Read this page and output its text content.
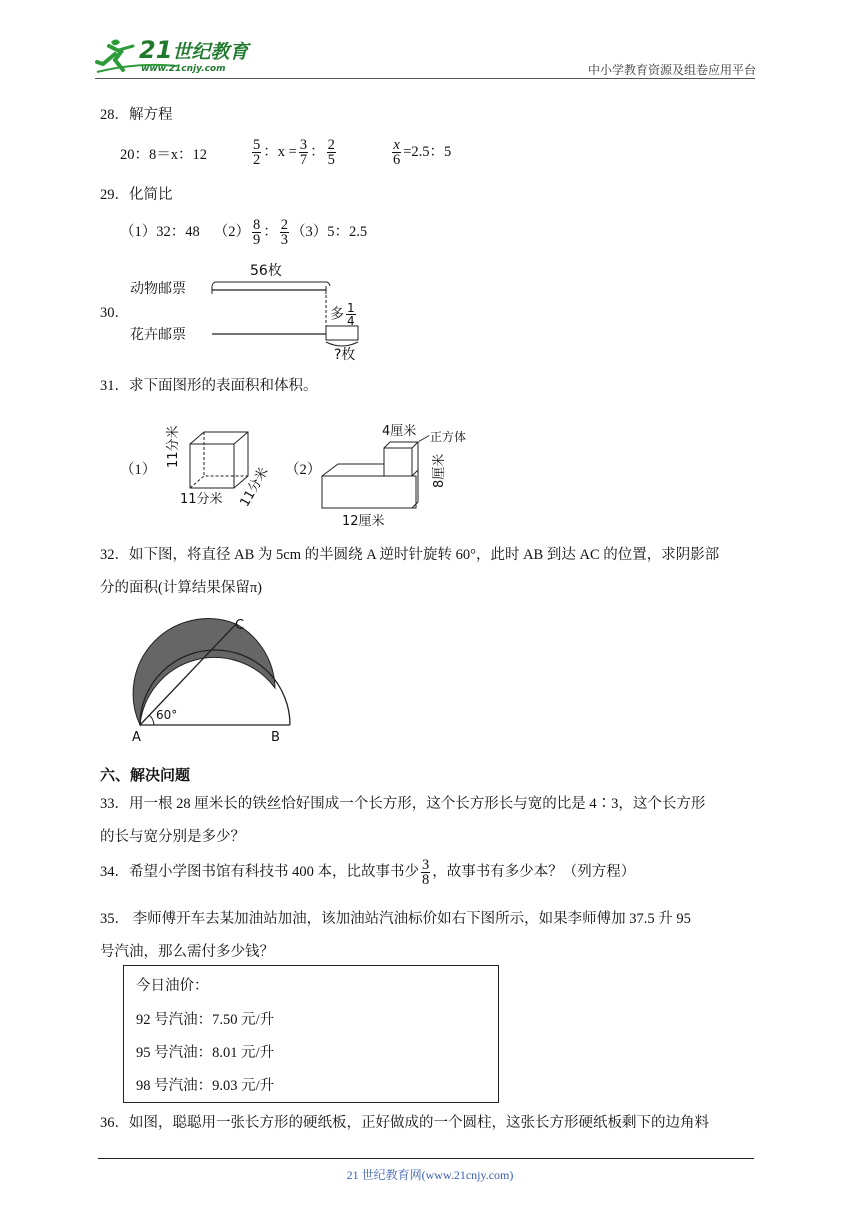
21世纪教育
www.21cnjy.com	中小学教育资源及组卷应用平台
28．解方程
20：8＝x：12	$\frac{5}{2}$ ：$x = \frac{3}{7}$ ： $\frac{2}{5}$	$\frac{x}{6} =2.5$：5
29．化简比
（1）32：48 $(2) \frac{8}{9}$ ： $\frac{2}{3} (3)5$：2.5
30．
动物邮票
花卉邮票
56枚
多 $\frac{1}{4}$
?枚
31．求下面图形的表面积和体积。
（1）
11分米
11分米 11分米 （2）
4厘米 正方体
8厘米
12厘米
32．如下图，将直径 AB 为 5cm 的半圆绕 A 逆时针旋转 60°，此时 AB 到达 AC 的位置，求阴影部
分的面积(计算结果保留π)
A	B
C
60°
六、解决问题
33．用一根 28 厘米长的铁丝恰好围成一个长方形，这个长方形长与宽的比是 4∶3，这个长方形
的长与宽分别是多少？
34．希望小学图书馆有科技书 400 本，比故事书少 $\frac{3}{8}$ ，故事书有多少本？（列方程）
35． 李师傅开车去某加油站加油，该加油站汽油标价如右下图所示，如果李师傅加 37.5 升 95
号汽油，那么需付多少钱？
今日油价：
92 号汽油：7.50 元/升
95 号汽油：8.01 元/升
98 号汽油：9.03 元/升
36．如图，聪聪用一张长方形的硬纸板，正好做成的一个圆柱，这张长方形硬纸板剩下的边角料
21 世纪教育网(www.21cnjy.com)
